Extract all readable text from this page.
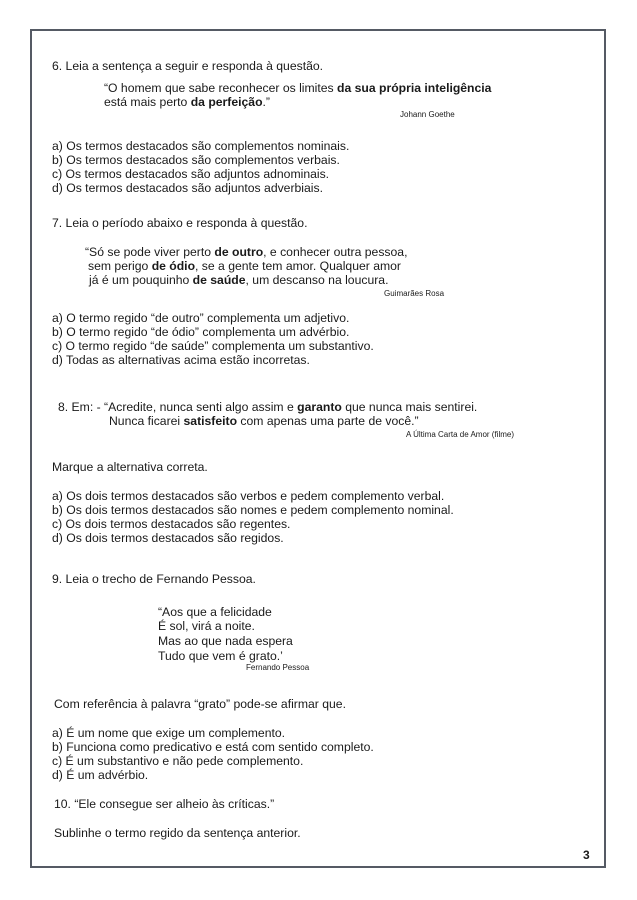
6. Leia a sentença a seguir e responda à questão.
“O homem que sabe reconhecer os limites da sua própria inteligência
está mais perto da perfeição.”
Johann Goethe
a) Os termos destacados são complementos nominais.
b) Os termos destacados são complementos verbais.
c) Os termos destacados são adjuntos adnominais.
d) Os termos destacados são adjuntos adverbiais.
7. Leia o período abaixo e responda à questão.
“Só se pode viver perto de outro, e conhecer outra pessoa,
sem perigo de ódio, se a gente tem amor. Qualquer amor
já é um pouquinho de saúde, um descanso na loucura.
Guimarães Rosa
a) O termo regido “de outro” complementa um adjetivo.
b) O termo regido “de ódio” complementa um advérbio.
c) O termo regido “de saúde” complementa um substantivo.
d) Todas as alternativas acima estão incorretas.
8. Em: - “Acredite, nunca senti algo assim e garanto que nunca mais sentirei.
Nunca ficarei satisfeito com apenas uma parte de você.”
A Última Carta de Amor (filme)
Marque a alternativa correta.
a) Os dois termos destacados são verbos e pedem complemento verbal.
b) Os dois termos destacados são nomes e pedem complemento nominal.
c) Os dois termos destacados são regentes.
d) Os dois termos destacados são regidos.
9. Leia o trecho de Fernando Pessoa.
“Aos que a felicidade
É sol, virá a noite.
Mas ao que nada espera
Tudo que vem é grato.’
Fernando Pessoa
Com referência à palavra “grato” pode-se afirmar que.
a) É um nome que exige um complemento.
b) Funciona como predicativo e está com sentido completo.
c) É um substantivo e não pede complemento.
d) É um advérbio.
10. “Ele consegue ser alheio às críticas.”
Sublinhe o termo regido da sentença anterior.
3
